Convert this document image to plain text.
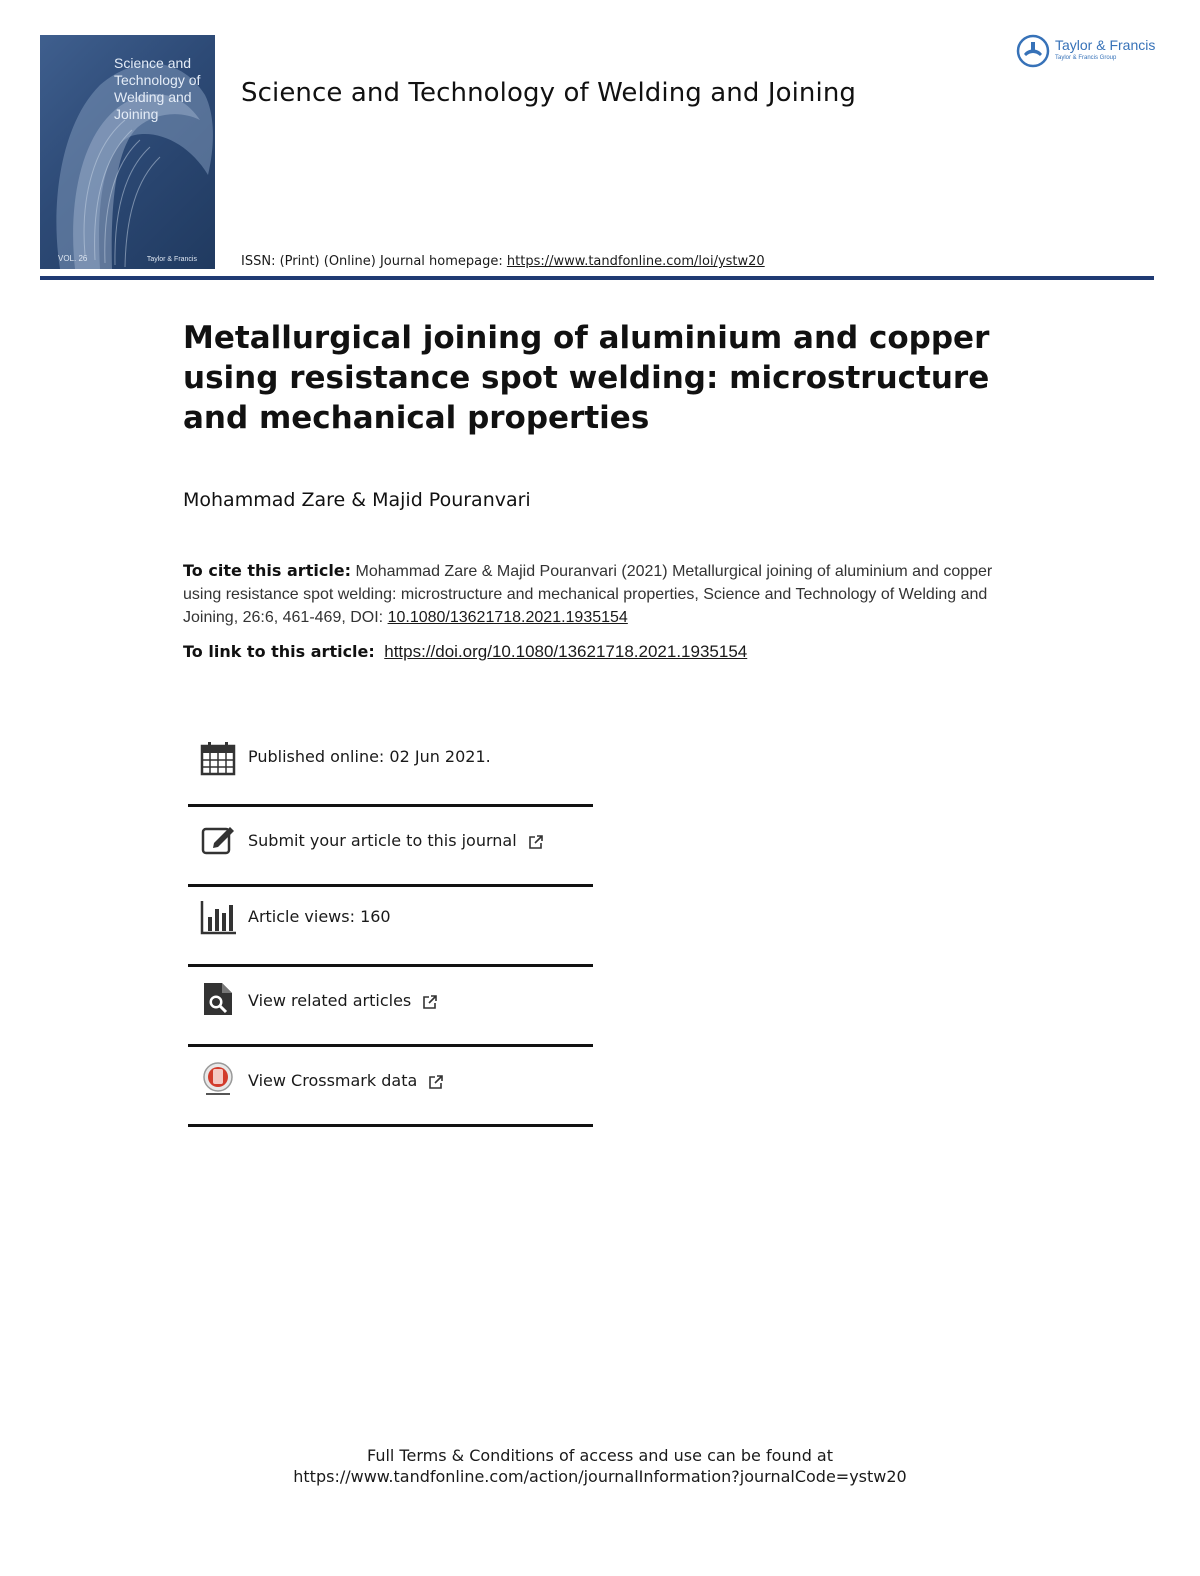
Science and Technology of Welding and Joining
VOL. 26	Taylor & Francis
Science and Technology of Welding and Joining
Taylor & Francis
Taylor & Francis Group
ISSN: (Print) (Online) Journal homepage: https://www.tandfonline.com/loi/ystw20
Metallurgical joining of aluminium and copper using resistance spot welding: microstructure and mechanical properties
Mohammad Zare & Majid Pouranvari
To cite this article: Mohammad Zare & Majid Pouranvari (2021) Metallurgical joining of aluminium and copper using resistance spot welding: microstructure and mechanical properties, Science and Technology of Welding and Joining, 26:6, 461-469, DOI: 10.1080/13621718.2021.1935154
To link to this article: https://doi.org/10.1080/13621718.2021.1935154
Published online: 02 Jun 2021.
Submit your article to this journal
Article views: 160
View related articles
View Crossmark data
Full Terms & Conditions of access and use can be found at
https://www.tandfonline.com/action/journalInformation?journalCode=ystw20
